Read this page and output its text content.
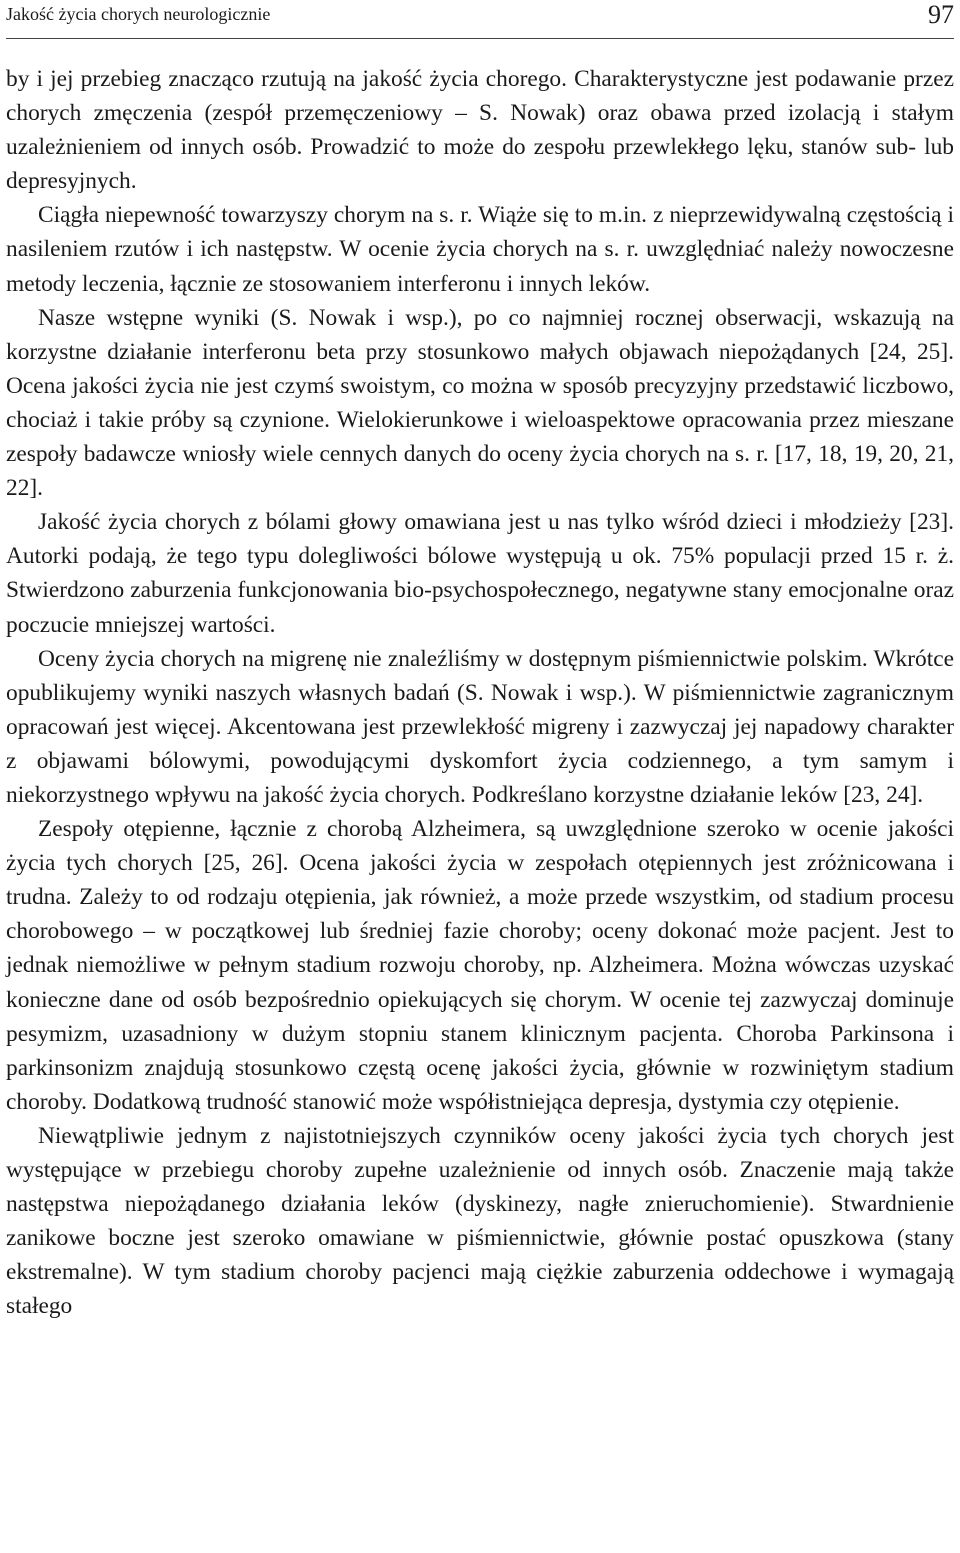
Jakość życia chorych neurologicznie	97

by i jej przebieg znacząco rzutują na jakość życia chorego. Charakterystyczne jest podawanie przez chorych zmęczenia (zespół przemęczeniowy – S. Nowak) oraz obawa przed izolacją i stałym uzależnieniem od innych osób. Prowadzić to może do zespołu przewlekłego lęku, stanów sub- lub depresyjnych.

Ciągła niepewność towarzyszy chorym na s. r. Wiąże się to m.in. z nieprzewidywalną częstością i nasileniem rzutów i ich następstw. W ocenie życia chorych na s. r. uwzględniać należy nowoczesne metody leczenia, łącznie ze stosowaniem interferonu i innych leków.

Nasze wstępne wyniki (S. Nowak i wsp.), po co najmniej rocznej obserwacji, wskazują na korzystne działanie interferonu beta przy stosunkowo małych objawach niepożądanych [24, 25]. Ocena jakości życia nie jest czymś swoistym, co można w sposób precyzyjny przedstawić liczbowo, chociaż i takie próby są czynione. Wielokierunkowe i wieloaspektowe opracowania przez mieszane zespoły badawcze wniosły wiele cennych danych do oceny życia chorych na s. r. [17, 18, 19, 20, 21, 22].

Jakość życia chorych z bólami głowy omawiana jest u nas tylko wśród dzieci i młodzieży [23]. Autorki podają, że tego typu dolegliwości bólowe występują u ok. 75% populacji przed 15 r. ż. Stwierdzono zaburzenia funkcjonowania bio-psychospołecznego, negatywne stany emocjonalne oraz poczucie mniejszej wartości.

Oceny życia chorych na migrenę nie znaleźliśmy w dostępnym piśmiennictwie polskim. Wkrótce opublikujemy wyniki naszych własnych badań (S. Nowak i wsp.). W piśmiennictwie zagranicznym opracowań jest więcej. Akcentowana jest przewlekłość migreny i zazwyczaj jej napadowy charakter z objawami bólowymi, powodującymi dyskomfort życia codziennego, a tym samym i niekorzystnego wpływu na jakość życia chorych. Podkreślano korzystne działanie leków [23, 24].

Zespoły otępienne, łącznie z chorobą Alzheimera, są uwzględnione szeroko w ocenie jakości życia tych chorych [25, 26]. Ocena jakości życia w zespołach otępiennych jest zróżnicowana i trudna. Zależy to od rodzaju otępienia, jak również, a może przede wszystkim, od stadium procesu chorobowego – w początkowej lub średniej fazie choroby; oceny dokonać może pacjent. Jest to jednak niemożliwe w pełnym stadium rozwoju choroby, np. Alzheimera. Można wówczas uzyskać konieczne dane od osób bezpośrednio opiekujących się chorym. W ocenie tej zazwyczaj dominuje pesymizm, uzasadniony w dużym stopniu stanem klinicznym pacjenta. Choroba Parkinsona i parkinsonizm znajdują stosunkowo częstą ocenę jakości życia, głównie w rozwiniętym stadium choroby. Dodatkową trudność stanowić może współistniejąca depresja, dystymia czy otępienie.

Niewątpliwie jednym z najistotniejszych czynników oceny jakości życia tych chorych jest występujące w przebiegu choroby zupełne uzależnienie od innych osób. Znaczenie mają także następstwa niepożądanego działania leków (dyskinezy, nagłe znieruchomienie). Stwardnienie zanikowe boczne jest szeroko omawiane w piśmiennictwie, głównie postać opuszkowa (stany ekstremalne). W tym stadium choroby pacjenci mają ciężkie zaburzenia oddechowe i wymagają stałego
